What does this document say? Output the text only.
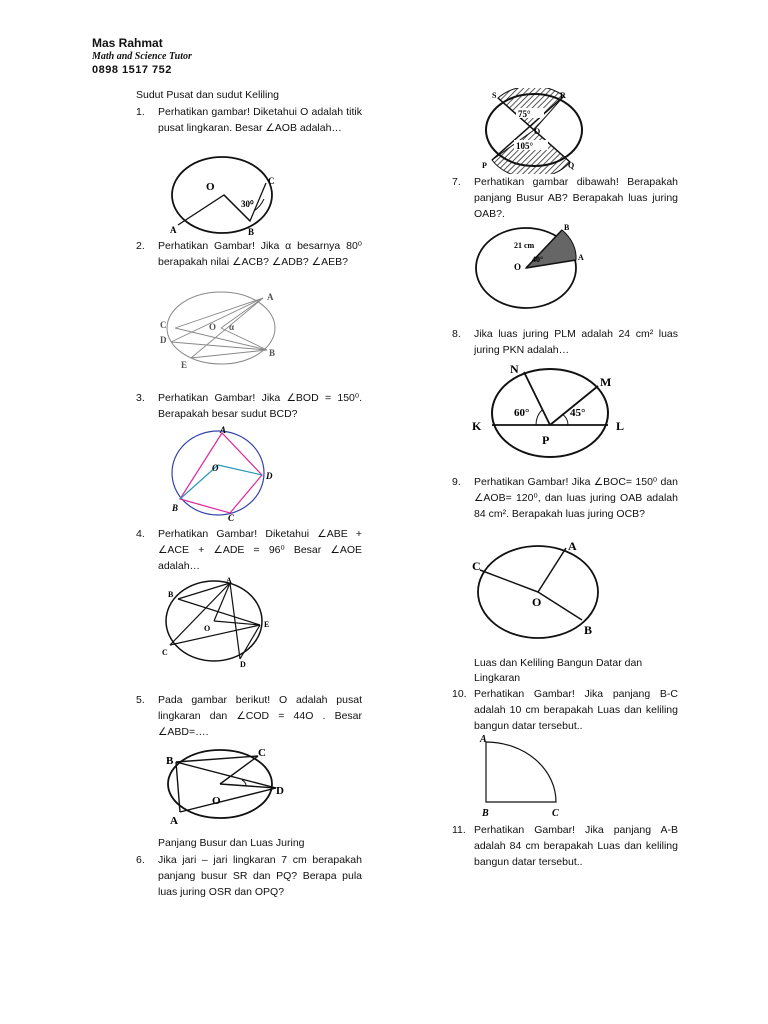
Mas Rahmat
Math and Science Tutor
0898 1517 752
Sudut Pusat dan sudut Keliling
1.	Perhatikan gambar! Diketahui O adalah titik pusat lingkaran. Besar ∠AOB adalah…
O
A	B
C
30⁰
2.	Perhatikan Gambar! Jika α besarnya 80⁰ berapakah nilai ∠ACB? ∠ADB? ∠AEB?
A
B
C
D
E
O α
3.	Perhatikan Gambar! Jika ∠BOD = 150⁰. Berapakah besar sudut BCD?
A
B
C
D
O
4.	Perhatikan Gambar! Diketahui ∠ABE + ∠ACE + ∠ADE = 96⁰ Besar ∠AOE adalah…
A
B
C
D
E
O
5.	Pada gambar berikut! O adalah pusat lingkaran dan ∠COD = 44O . Besar ∠ABD=….
B
C
D
O
A
Panjang Busur dan Luas Juring
6.	Jika jari – jari lingkaran 7 cm berapakah panjang busur SR dan PQ? Berapa pula luas juring OSR dan OPQ?
75°
105°
S	R
P	Q
O
7.	Perhatikan gambar dibawah! Berapakah panjang Busur AB? Berapakah luas juring OAB?.
B
A
O
21 cm
40°
8.	Jika luas juring PLM adalah 24 cm² luas juring PKN adalah…
N
M
K	L
P
60°	45°
9.	Perhatikan Gambar! Jika ∠BOC= 150⁰ dan ∠AOB= 120⁰, dan luas juring OAB adalah 84 cm². Berapakah luas juring OCB?
A
C
B
O
Luas dan Keliling Bangun Datar dan Lingkaran
10. Perhatikan Gambar! Jika panjang B-C adalah 10 cm berapakah Luas dan keliling bangun datar tersebut..
A
B	C
11. Perhatikan Gambar! Jika panjang A-B adalah 84 cm berapakah Luas dan keliling bangun datar tersebut..
